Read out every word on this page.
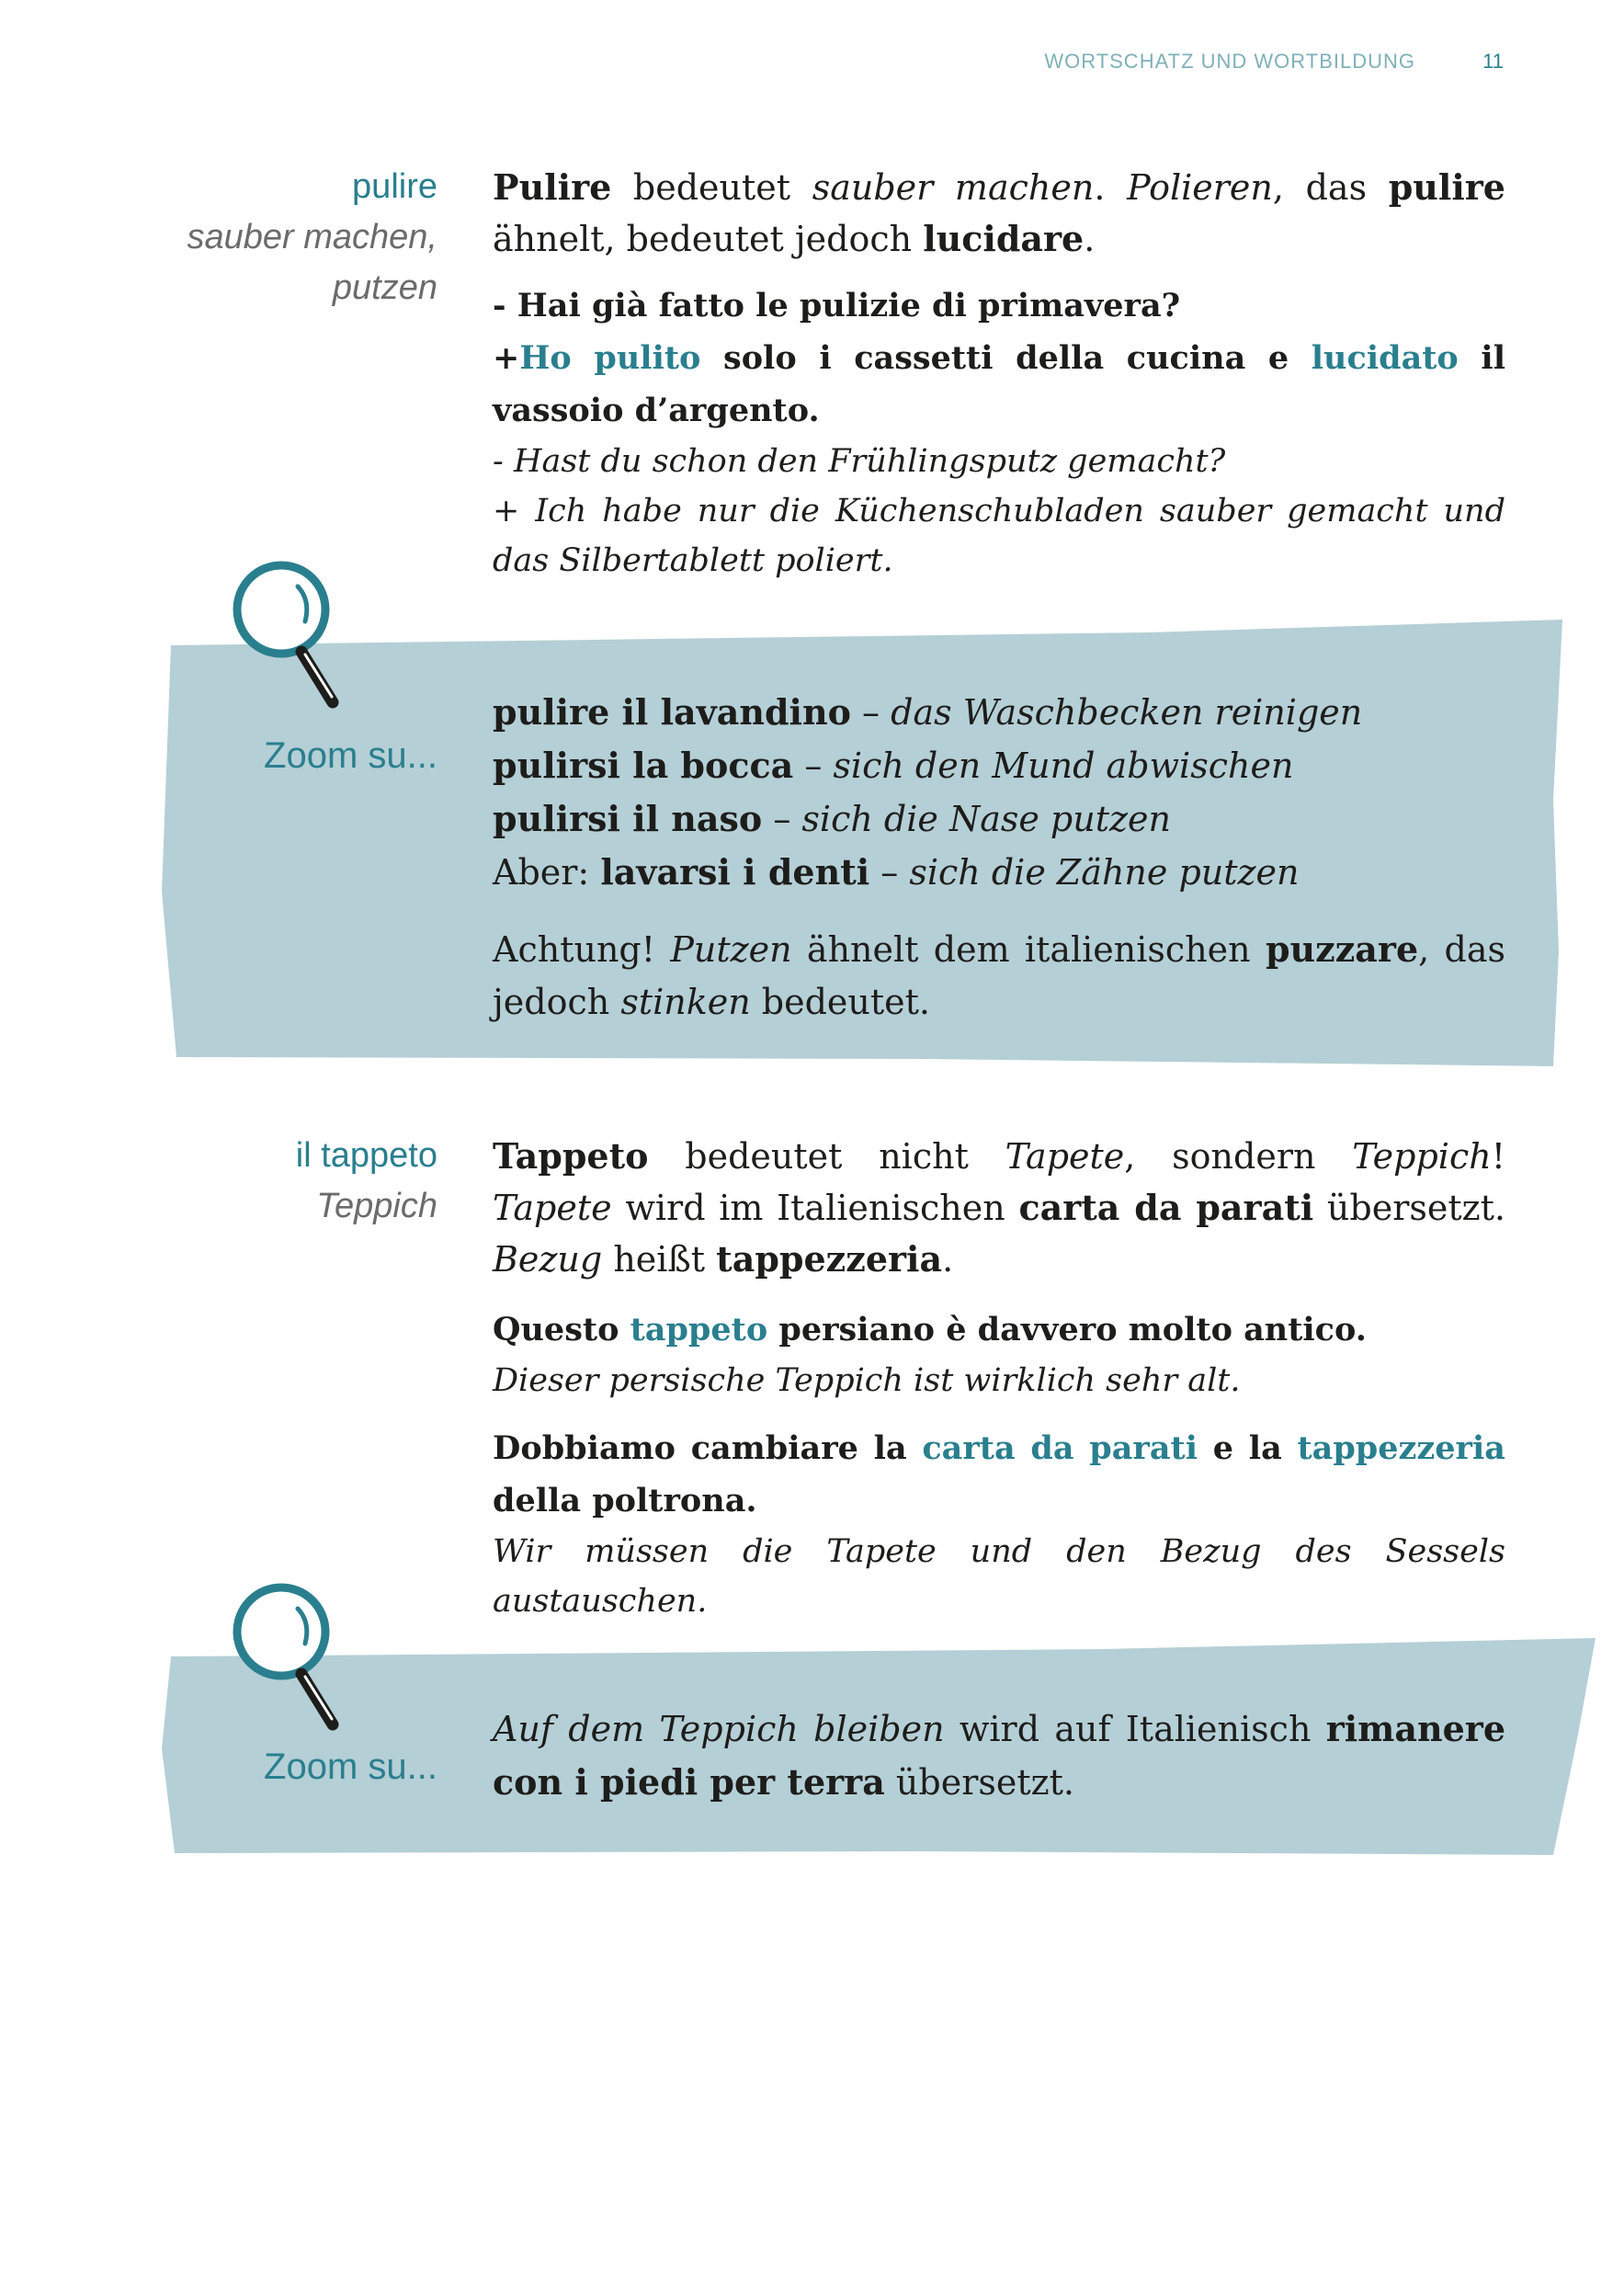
WORTSCHATZ UND WORTBILDUNG	11
pulire
sauber machen,
putzen
Pulire bedeutet sauber machen. Polieren, das pulire ähnelt, bedeutet jedoch lucidare.
- Hai già fatto le pulizie di primavera?
+Ho pulito solo i cassetti della cucina e lucidato il vassoio d’argento.
- Hast du schon den Frühlingsputz gemacht?
+ Ich habe nur die Küchenschubladen sauber gemacht und das Silbertablett poliert.
Zoom su...

pulire il lavandino – das Waschbecken reinigen

pulirsi la bocca – sich den Mund abwischen

pulirsi il naso – sich die Nase putzen

Aber: lavarsi i denti – sich die Zähne putzen

Achtung! Putzen ähnelt dem italienischen puzzare, das jedoch stinken bedeutet.

il tappeto
Teppich
Tappeto bedeutet nicht Tapete, sondern Teppich! Tapete wird im Italienischen carta da parati übersetzt. Bezug heißt tappezzeria.
Questo tappeto persiano è davvero molto antico.
Dieser persische Teppich ist wirklich sehr alt.
Dobbiamo cambiare la carta da parati e la tappezzeria della poltrona.
Wir müssen die Tapete und den Bezug des Sessels austauschen.
Zoom su...

Auf dem Teppich bleiben wird auf Italienisch rimanere con i piedi per terra übersetzt.
